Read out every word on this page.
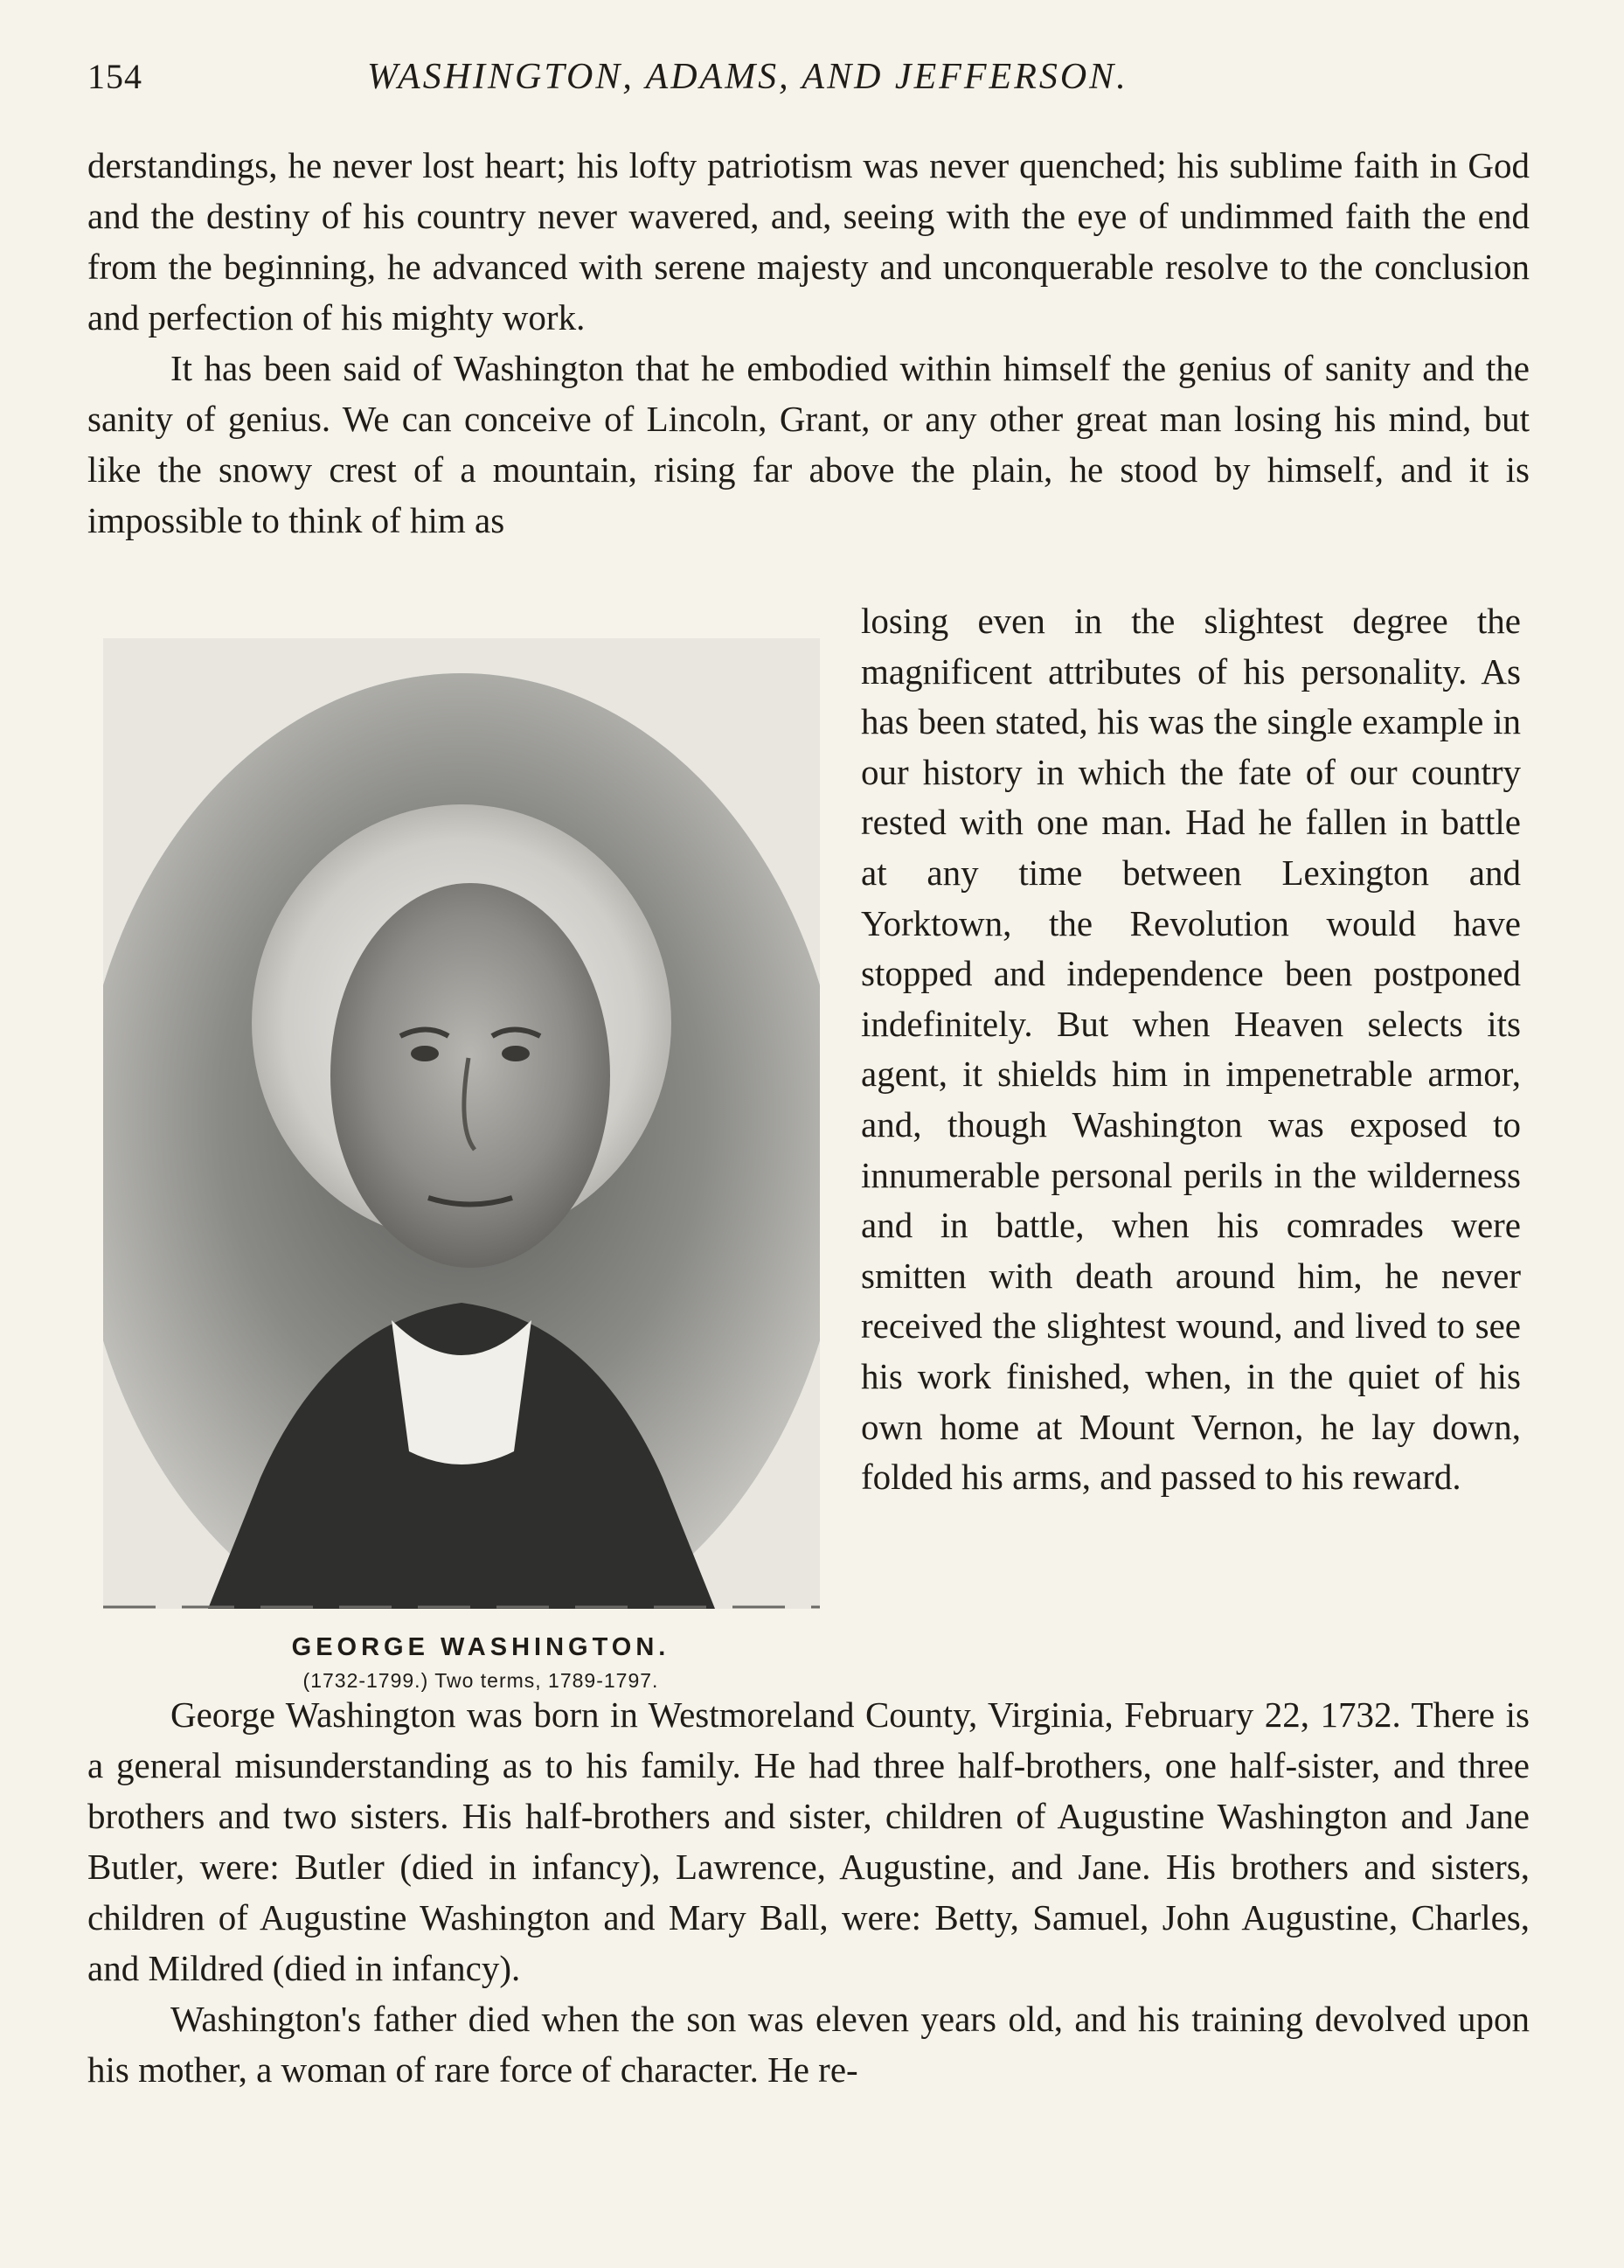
154	WASHINGTON, ADAMS, AND JEFFERSON.

derstandings, he never lost heart; his lofty patriotism was never quenched; his sublime faith in God and the destiny of his country never wavered, and, seeing with the eye of undimmed faith the end from the beginning, he advanced with serene majesty and unconquerable resolve to the conclusion and perfection of his mighty work.

It has been said of Washington that he embodied within himself the genius of sanity and the sanity of genius. We can conceive of Lincoln, Grant, or any other great man losing his mind, but like the snowy crest of a mountain, rising far above the plain, he stood by himself, and it is impossible to think of him as

GEORGE WASHINGTON.
(1732-1799.) Two terms, 1789-1797.

losing even in the slightest degree the magnificent attributes of his personality. As has been stated, his was the single example in our history in which the fate of our country rested with one man. Had he fallen in battle at any time between Lexington and Yorktown, the Revolution would have stopped and independence been postponed indefinitely. But when Heaven selects its agent, it shields him in impenetrable armor, and, though Washington was exposed to innumerable personal perils in the wilderness and in battle, when his comrades were smitten with death around him, he never received the slightest wound, and lived to see his work finished, when, in the quiet of his own home at Mount Vernon, he lay down, folded his arms, and passed to his reward.

George Washington was born in Westmoreland County, Virginia, February 22, 1732. There is a general misunderstanding as to his family. He had three half-brothers, one half-sister, and three brothers and two sisters. His half-brothers and sister, children of Augustine Washington and Jane Butler, were: Butler (died in infancy), Lawrence, Augustine, and Jane. His brothers and sisters, children of Augustine Washington and Mary Ball, were: Betty, Samuel, John Augustine, Charles, and Mildred (died in infancy).

Washington's father died when the son was eleven years old, and his training devolved upon his mother, a woman of rare force of character. He re-
